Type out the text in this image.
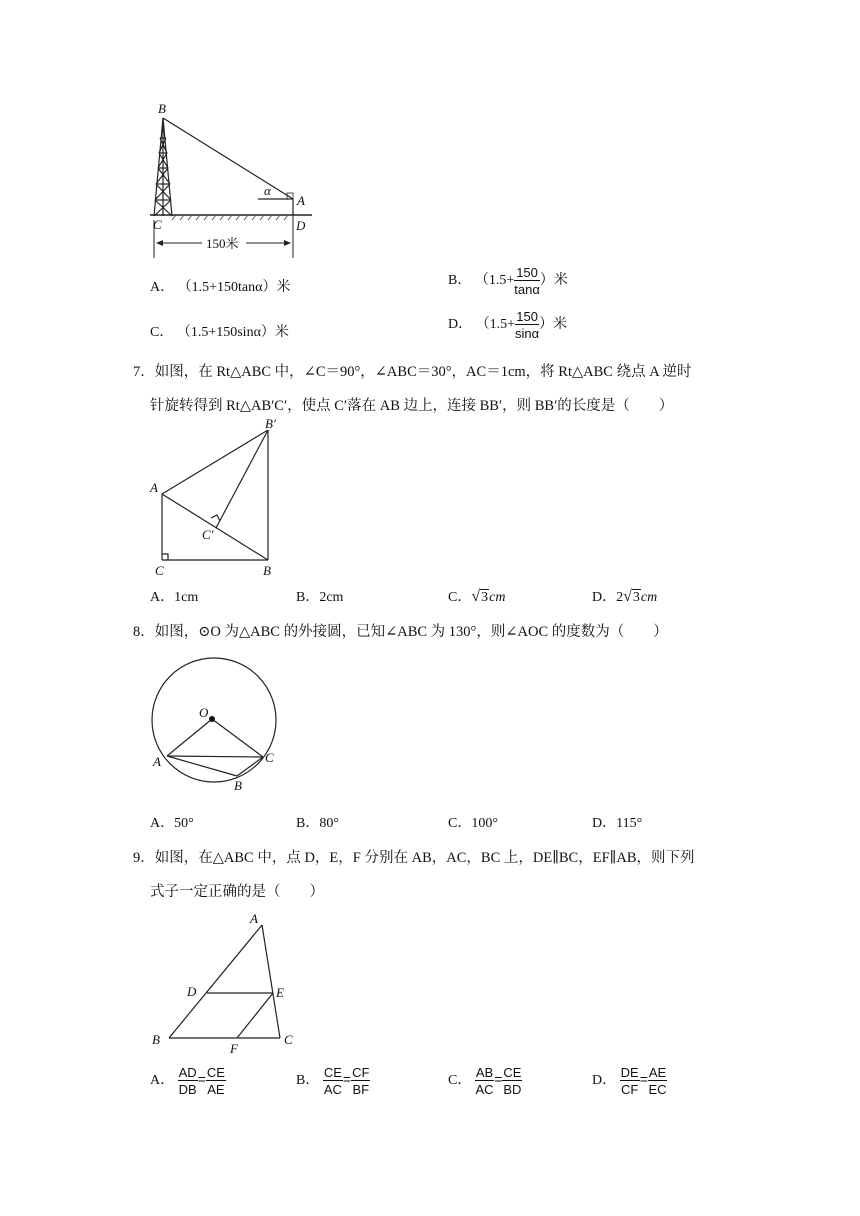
B
α
A
C	D
150米
A． （1.5+150tanα）米	B． （$1.5+ \frac{150}{\tan\alpha}$ ）米
C． （1.5+150sinα）米
D． （$1.5+ \frac{150}{\sin\alpha}$ ）米
7．如图，在 Rt△ABC 中，∠C＝90°，∠ABC＝30°，AC＝1cm，将 Rt△ABC 绕点 A 逆时
针旋转得到 Rt△AB′C′，使点 C′落在 AB 边上，连接 BB′，则 BB′的长度是（　　）
B′
A
C′
C	B
A．1cm	B．2cm	C．√3cm	D．2√3cm
8．如图，⊙O 为△ABC 的外接圆，已知∠ABC 为 130°，则∠AOC 的度数为（　　）
O
A
B
C
A．50°	B．80°	C．100°	D．115°
9．如图，在△ABC 中，点 D，E，F 分别在 AB，AC，BC 上，DE∥BC，EF∥AB，则下列
式子一定正确的是（　　）
A
D	E
B
F
C
A． $\frac{AD}{DB} = \frac{CE}{AE}$	B． $\frac{CE}{AC} = \frac{CF}{BF}$	C． $\frac{AB}{AC} = \frac{CE}{BD}$	D． $\frac{DE}{CF} = \frac{AE}{EC}$
